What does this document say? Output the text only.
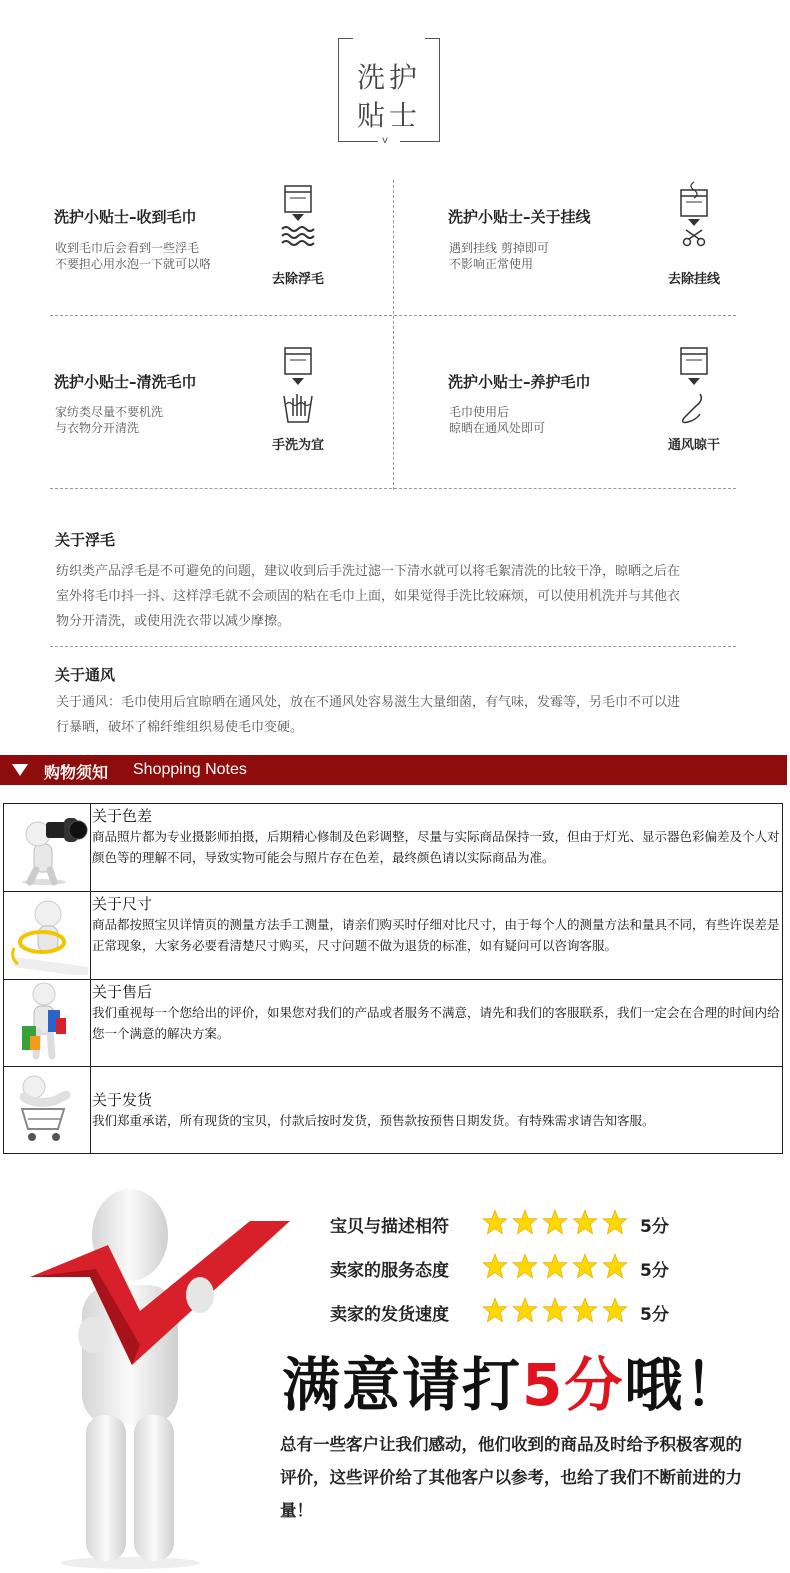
v
洗护
贴士
洗护小贴士–收到毛巾
收到毛巾后会看到一些浮毛
不要担心用水泡一下就可以咯
去除浮毛
洗护小贴士–关于挂线
遇到挂线 剪掉即可
不影响正常使用
去除挂线
洗护小贴士–清洗毛巾
家纺类尽量不要机洗
与衣物分开清洗
手洗为宜
洗护小贴士–养护毛巾
毛巾使用后
晾晒在通风处即可
通风晾干
关于浮毛
纺织类产品浮毛是不可避免的问题，建议收到后手洗过滤一下清水就可以将毛絮清洗的比较干净，晾晒之后在
室外将毛巾抖一抖、这样浮毛就不会顽固的粘在毛巾上面，如果觉得手洗比较麻烦，可以使用机洗并与其他衣
物分开清洗，或使用洗衣带以减少摩擦。
关于通风
关于通风：毛巾使用后宜晾晒在通风处，放在不通风处容易滋生大量细菌，有气味，发霉等，另毛巾不可以进
行暴晒，破坏了棉纤维组织易使毛巾变硬。
购物须知 Shopping Notes

关于色差
商品照片都为专业摄影师拍摄，后期精心修制及色彩调整，尽量与实际商品保持一致，但由于灯光、显示器色彩偏差及个人对颜色等的理解不同，导致实物可能会与照片存在色差，最终颜色请以实际商品为准。

关于尺寸
商品都按照宝贝详情页的测量方法手工测量，请亲们购买时仔细对比尺寸，由于每个人的测量方法和量具不同，有些许误差是正常现象，大家务必要看清楚尺寸购买，尺寸问题不做为退货的标准，如有疑问可以咨询客服。

关于售后
我们重视每一个您给出的评价，如果您对我们的产品或者服务不满意，请先和我们的客服联系，我们一定会在合理的时间内给您一个满意的解决方案。

关于发货
我们郑重承诺，所有现货的宝贝，付款后按时发货，预售款按预售日期发货。有特殊需求请告知客服。
宝贝与描述相符	5分
卖家的服务态度	5分
卖家的发货速度	5分
满意请打5分哦！
总有一些客户让我们感动，他们收到的商品及时给予积极客观的评价，这些评价给了其他客户以参考，也给了我们不断前进的力量！
